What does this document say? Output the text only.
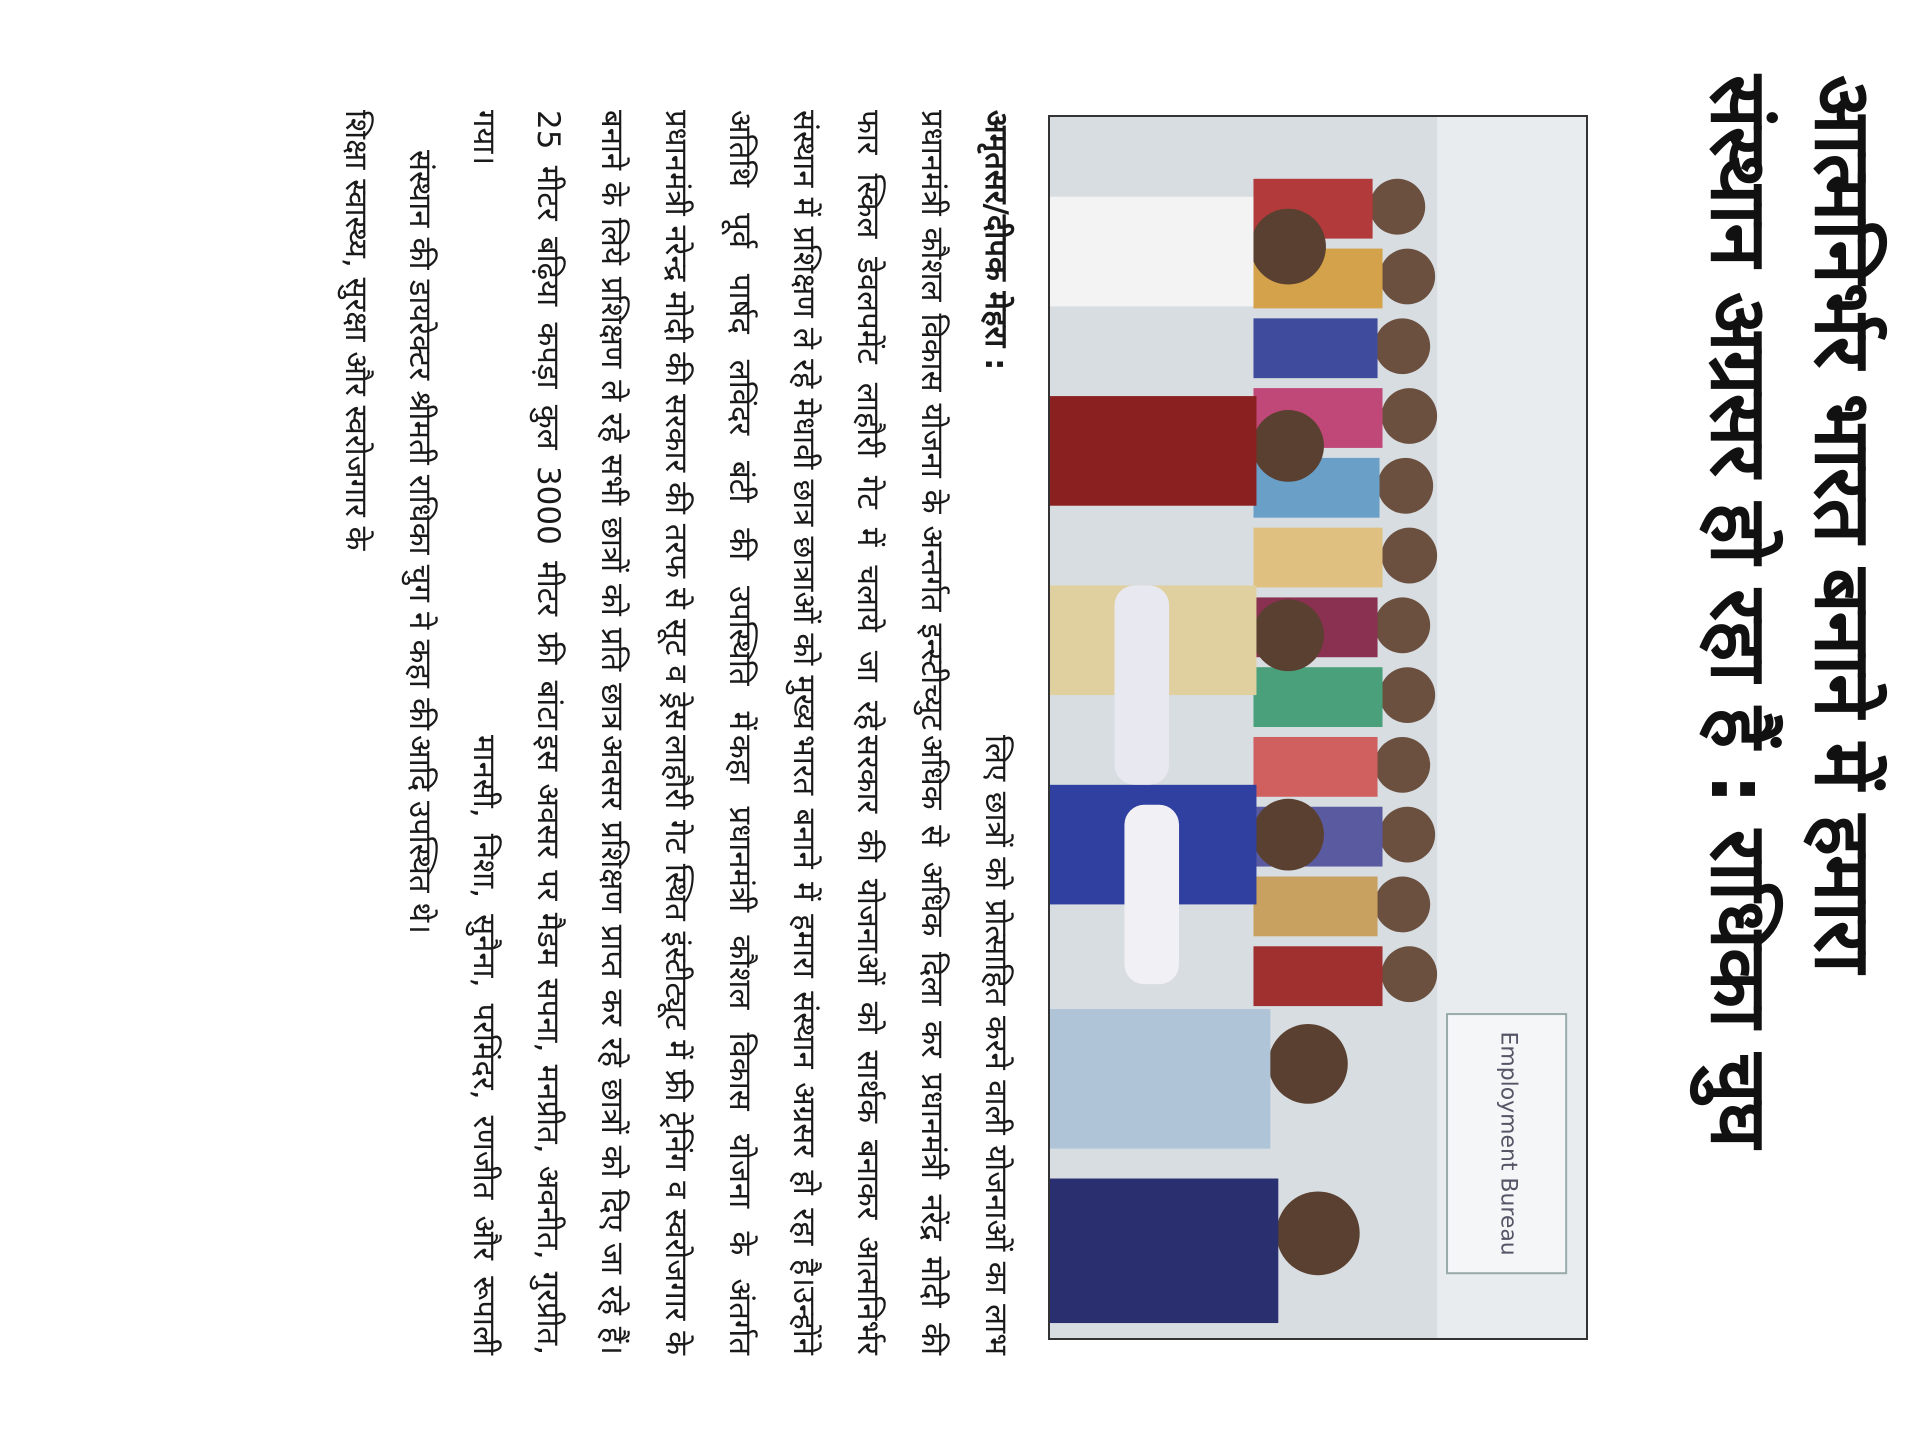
आत्मनिर्भर भारत बनाने में हमारा
संस्थान अग्रसर हो रहा हैं : राधिका चुघ
Employment Bureau

अमृतसर/दीपक मेहरा :

प्रधानमंत्री कौशल विकास योजना के अन्तर्गत इन्स्टीच्युट फार स्किल डेवलपमेंट लाहौरी गेट में चलाये जा रहे संस्थान में प्रशिक्षण ले रहे मेधावी छात्र छात्राओं को मुख्य अतिथि पूर्व पार्षद लविंदर बंटी की उपस्थिति में प्रधानमंत्री नरेन्द्र मोदी की सरकार की तरफ से सूट व ड्रेस बनाने के लिये प्रशिक्षण ले रहे सभी छात्रों को प्रति छात्र 25 मीटर बढ़िया कपड़ा कुल 3000 मीटर फ्री बांटा गया।

संस्थान की डायरेक्टर श्रीमती राधिका चुग ने कहा की शिक्षा स्वास्थ्य, सुरक्षा और स्वरोजगार के

लिए छात्रों को प्रोत्साहित करने वाली योजनाओं का लाभ अधिक से अधिक दिला कर प्रधानमंत्री नरेंद्र मोदी की सरकार की योजनाओं को सार्थक बनाकर आत्मनिर्भर भारत बनाने में हमारा संस्थान अग्रसर हो रहा है।उन्होंने कहा प्रधानमंत्री कौशल विकास योजना के अंतर्गत लाहौरी गेट स्थित इंस्टीट्यूट में फ्री ट्रेनिंग व स्वरोजगार के अवसर प्रशिक्षण प्राप्त कर रहे छात्रों को दिए जा रहे हैं। इस अवसर पर मैडम सपना, मनप्रीत, अवनीत, गुरप्रीत, मानसी, निशा, सुनैना, परमिंदर, रणजीत और रूपाली आदि उपस्थित थे।
